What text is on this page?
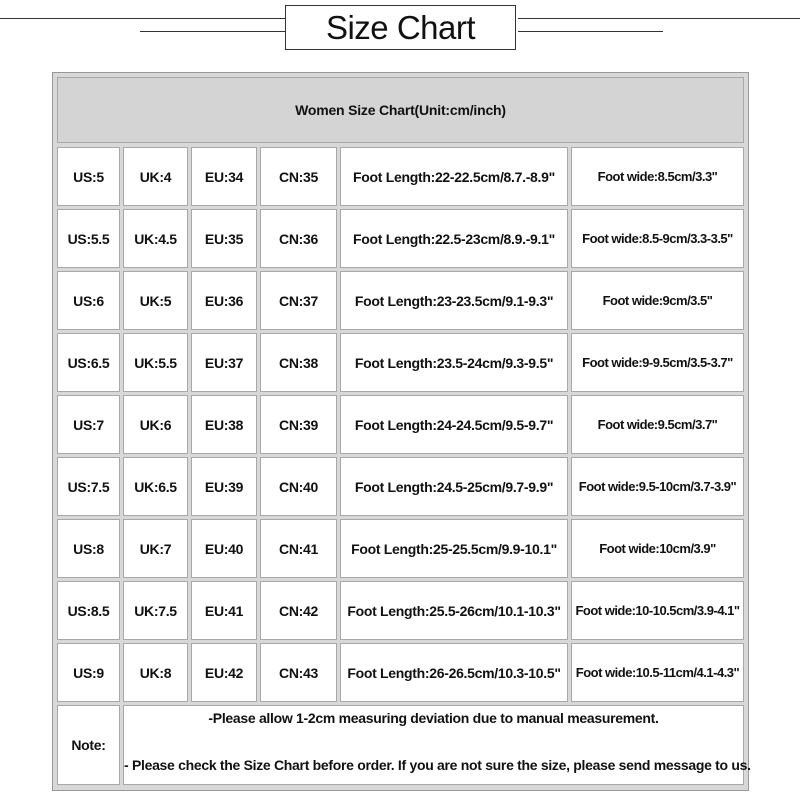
Size Chart
Women Size Chart(Unit:cm/inch)
US:5	UK:4	EU:34	CN:35	Foot Length:22-22.5cm/8.7.-8.9"	Foot wide:8.5cm/3.3"
US:5.5	UK:4.5	EU:35	CN:36	Foot Length:22.5-23cm/8.9.-9.1"	Foot wide:8.5-9cm/3.3-3.5"
US:6	UK:5	EU:36	CN:37	Foot Length:23-23.5cm/9.1-9.3"	Foot wide:9cm/3.5"
US:6.5	UK:5.5	EU:37	CN:38	Foot Length:23.5-24cm/9.3-9.5"	Foot wide:9-9.5cm/3.5-3.7"
US:7	UK:6	EU:38	CN:39	Foot Length:24-24.5cm/9.5-9.7"	Foot wide:9.5cm/3.7"
US:7.5	UK:6.5	EU:39	CN:40	Foot Length:24.5-25cm/9.7-9.9"	Foot wide:9.5-10cm/3.7-3.9"
US:8	UK:7	EU:40	CN:41	Foot Length:25-25.5cm/9.9-10.1"	Foot wide:10cm/3.9"
US:8.5	UK:7.5	EU:41	CN:42	Foot Length:25.5-26cm/10.1-10.3"	Foot wide:10-10.5cm/3.9-4.1"
US:9	UK:8	EU:42	CN:43	Foot Length:26-26.5cm/10.3-10.5"	Foot wide:10.5-11cm/4.1-4.3"
Note:
-Please allow 1-2cm measuring deviation due to manual measurement.
- Please check the Size Chart before order. If you are not sure the size, please send message to us.
